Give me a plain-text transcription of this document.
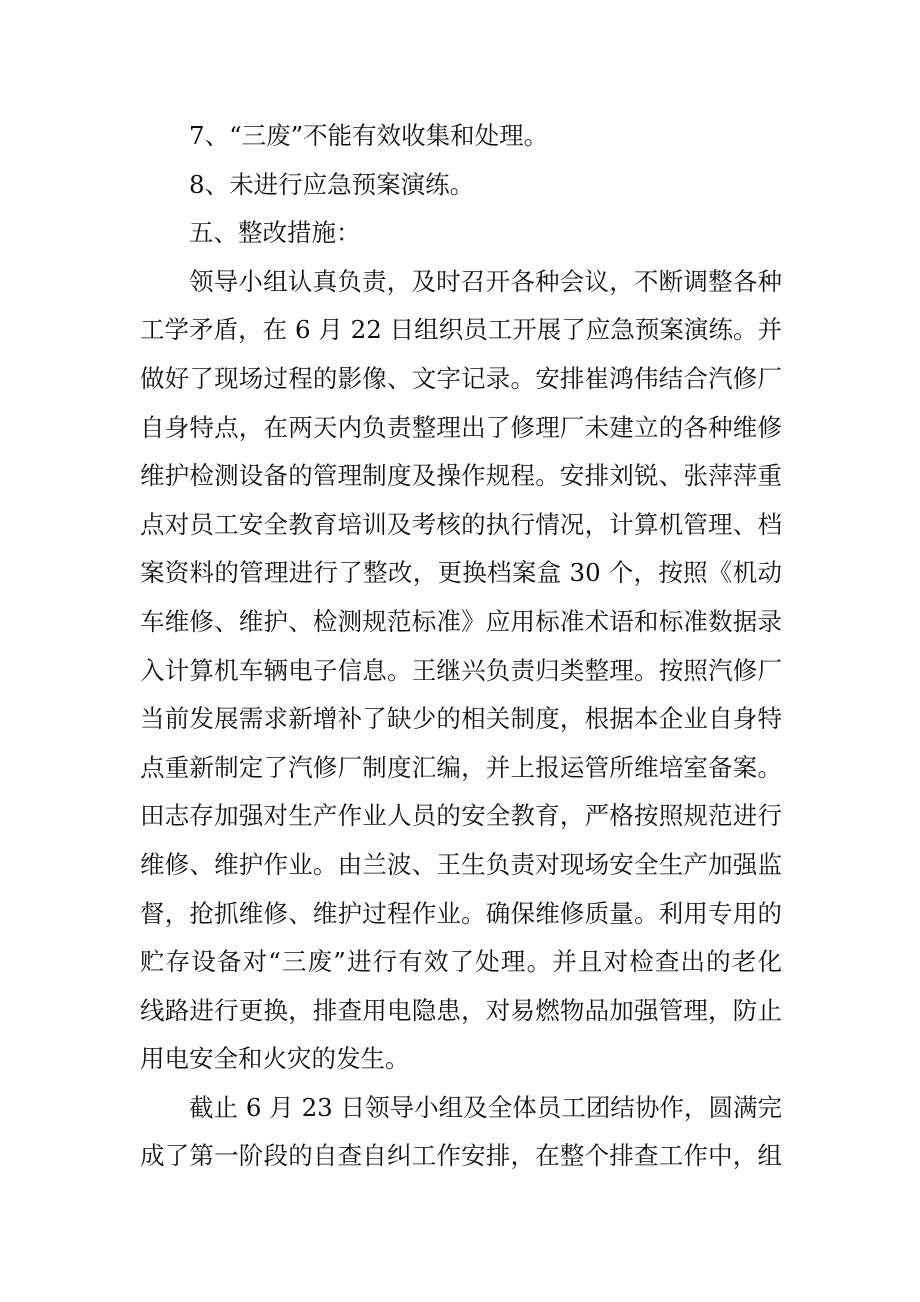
7、“三废”不能有效收集和处理。
8、未进行应急预案演练。
五、整改措施：
领导小组认真负责，及时召开各种会议，不断调整各种
工学矛盾，在 6 月 22 日组织员工开展了应急预案演练。并
做好了现场过程的影像、文字记录。安排崔鸿伟结合汽修厂
自身特点，在两天内负责整理出了修理厂未建立的各种维修
维护检测设备的管理制度及操作规程。安排刘锐、张萍萍重
点对员工安全教育培训及考核的执行情况，计算机管理、档
案资料的管理进行了整改，更换档案盒 30 个，按照《机动
车维修、维护、检测规范标准》应用标准术语和标准数据录
入计算机车辆电子信息。王继兴负责归类整理。按照汽修厂
当前发展需求新增补了缺少的相关制度，根据本企业自身特
点重新制定了汽修厂制度汇编，并上报运管所维培室备案。
田志存加强对生产作业人员的安全教育，严格按照规范进行
维修、维护作业。由兰波、王生负责对现场安全生产加强监
督，抢抓维修、维护过程作业。确保维修质量。利用专用的
贮存设备对“三废”进行有效了处理。并且对检查出的老化
线路进行更换，排查用电隐患，对易燃物品加强管理，防止
用电安全和火灾的发生。
截止 6 月 23 日领导小组及全体员工团结协作，圆满完
成了第一阶段的自查自纠工作安排，在整个排查工作中，组
